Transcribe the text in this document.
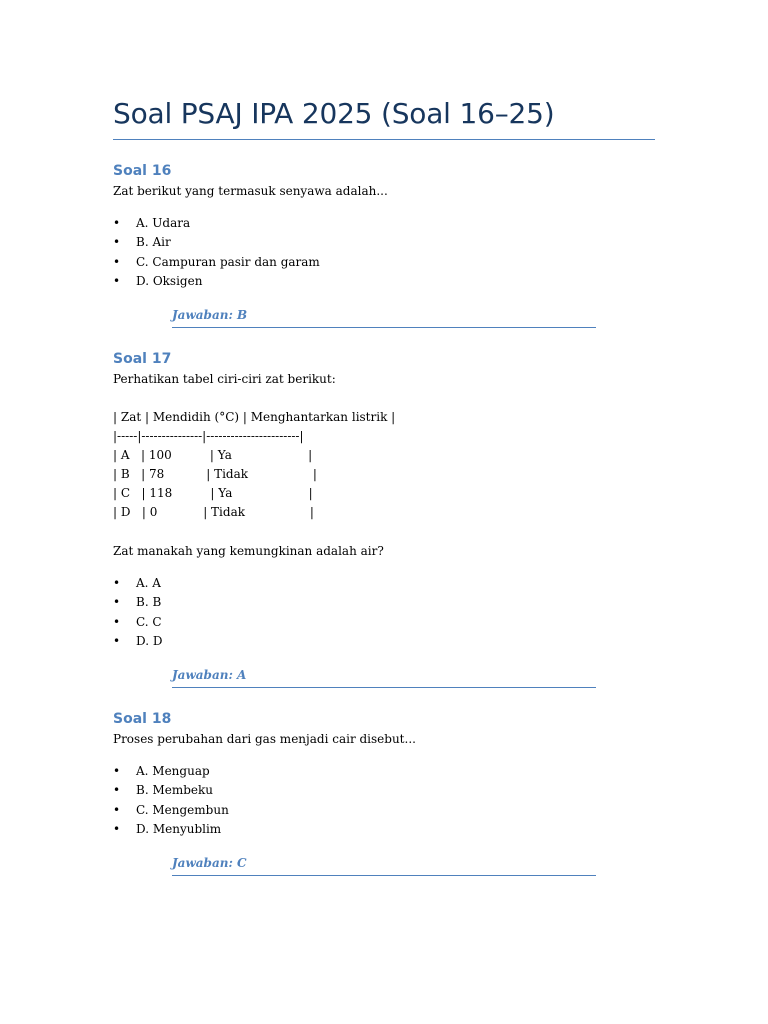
Soal PSAJ IPA 2025 (Soal 16–25)
Soal 16

Zat berikut yang termasuk senyawa adalah...

• A. Udara
• B. Air
• C. Campuran pasir dan garam
• D. Oksigen
Jawaban: B
Soal 17

Perhatikan tabel ciri-ciri zat berikut:

| Zat | Mendidih (°C) | Menghantarkan listrik |

|-----|---------------|-----------------------|

| A   | 100          | Ya                    |

| B   | 78           | Tidak                 |

| C   | 118          | Ya                    |

| D   | 0            | Tidak                 |

Zat manakah yang kemungkinan adalah air?

• A. A
• B. B
• C. C
• D. D
Jawaban: A
Soal 18

Proses perubahan dari gas menjadi cair disebut...

• A. Menguap
• B. Membeku
• C. Mengembun
• D. Menyublim
Jawaban: C
